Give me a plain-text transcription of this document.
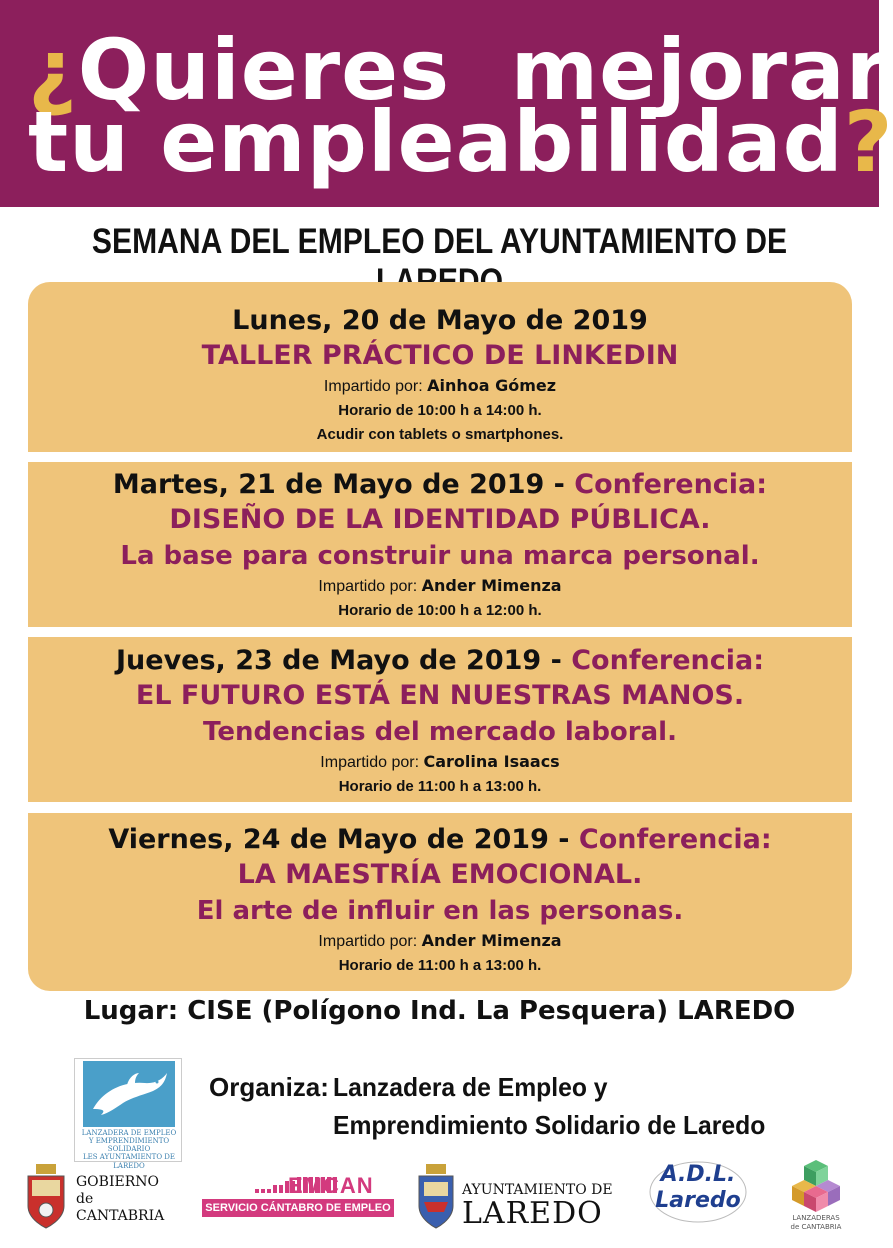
¿Quieres  mejorar
tu empleabilidad?
SEMANA DEL EMPLEO DEL AYUNTAMIENTO DE
Lunes, 20 de Mayo de 2019
TALLER PRÁCTICO DE LINKEDIN
Impartido por: Ainhoa Gómez
Horario de 10:00 h a 14:00 h.
Acudir con tablets o smartphones.
Martes, 21 de Mayo de 2019 - Conferencia:
DISEÑO DE LA IDENTIDAD PÚBLICA.
La base para construir una marca personal.
Impartido por: Ander Mimenza
Horario de 10:00 h a 12:00 h.
Jueves, 23 de Mayo de 2019 - Conferencia:
EL FUTURO ESTÁ EN NUESTRAS MANOS.
Tendencias del mercado laboral.
Impartido por: Carolina Isaacs
Horario de 11:00 h a 13:00 h.
Viernes, 24 de Mayo de 2019 - Conferencia:
LA MAESTRÍA EMOCIONAL.
El arte de influir en las personas.
Impartido por: Ander Mimenza
Horario de 11:00 h a 13:00 h.
Lugar: CISE (Polígono Ind. La Pesquera) LAREDO
LANZADERA DE EMPLEO
Y EMPRENDIMIENTO
SOLIDARIO
LES AYUNTAMIENTO DE LAREDO
Organiza: Lanzadera de Empleo y
Emprendimiento Solidario de Laredo
GOBIERNO
de
CANTABRIA
EMCAN
SERVICIO CÁNTABRO DE EMPLEO
AYUNTAMIENTO DE
LAREDO
A.D.L.
Laredo
LANZADERAS
de CANTABRIA
